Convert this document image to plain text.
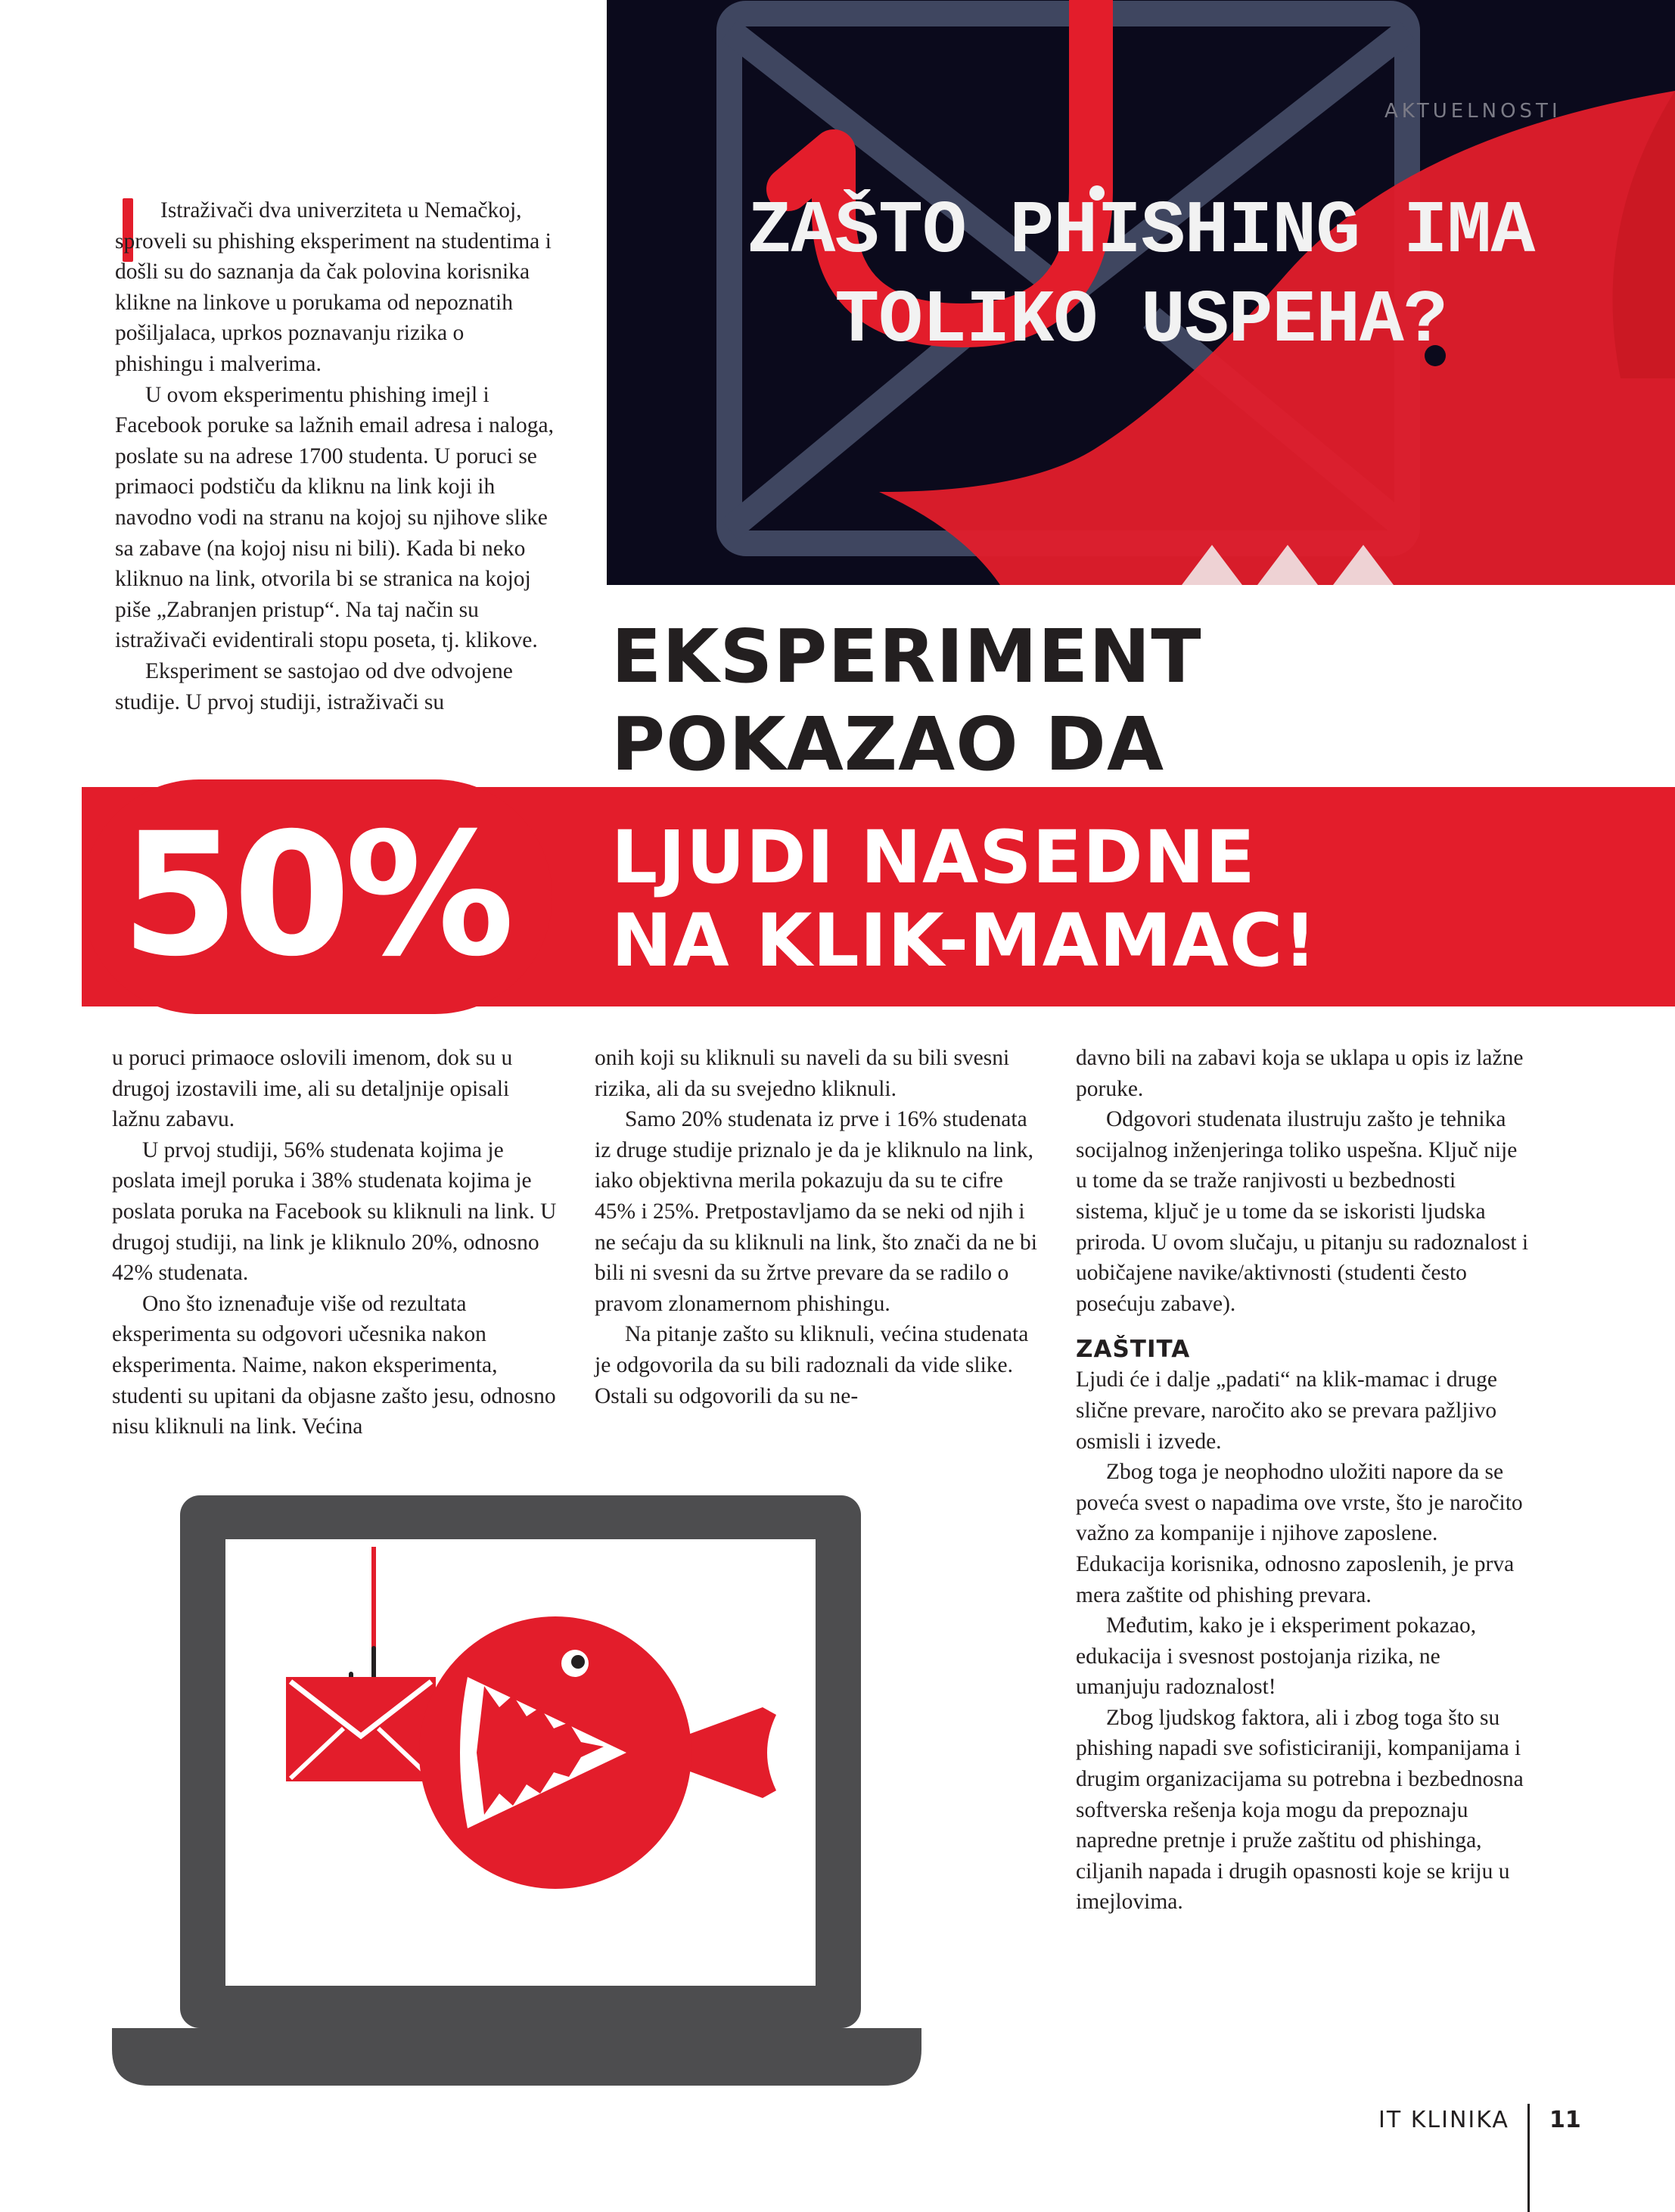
ZAŠTO PHISHING IMA
TOLIKO USPEHA?
AKTUELNOSTI

Istraživači dva univerziteta u Nemačkoj, sproveli su phishing eksperiment na studentima i došli su do saznanja da čak polovina korisnika klikne na linkove u porukama od nepoznatih pošiljalaca, uprkos poznavanju rizika o phishingu i malverima.

U ovom eksperimentu phishing imejl i Facebook poruke sa lažnih email adresa i naloga, poslate su na adrese 1700 studenta. U poruci se primaoci podstiču da kliknu na link koji ih navodno vodi na stranu na kojoj su njihove slike sa zabave (na kojoj nisu ni bili). Kada bi neko kliknuo na link, otvorila bi se stranica na kojoj piše „Zabranjen pristup“. Na taj način su istraživači evidentirali stopu poseta, tj. klikove.

Eksperiment se sastojao od dve odvojene studije. U prvoj studiji, istraživači su

EKSPERIMENT
POKAZAO DA
50%	LJUDI NASEDNE
NA KLIK-MAMAC!

u poruci primaoce oslovili imenom, dok su u drugoj izostavili ime, ali su detaljnije opisali lažnu zabavu.

U prvoj studiji, 56% studenata kojima je poslata imejl poruka i 38% studenata kojima je poslata poruka na Facebook su kliknuli na link. U drugoj studiji, na link je kliknulo 20%, odnosno 42% studenata.

Ono što iznenađuje više od rezultata eksperimenta su odgovori učesnika nakon eksperimenta. Naime, nakon eksperimenta, studenti su upitani da objasne zašto jesu, odnosno nisu kliknuli na link. Većina

onih koji su kliknuli su naveli da su bili svesni rizika, ali da su svejedno kliknuli.

Samo 20% studenata iz prve i 16% studenata iz druge studije priznalo je da je kliknulo na link, iako objektivna merila pokazuju da su te cifre 45% i 25%. Pretpostavljamo da se neki od njih i ne sećaju da su kliknuli na link, što znači da ne bi bili ni svesni da su žrtve prevare da se radilo o pravom zlonamernom phishingu.

Na pitanje zašto su kliknuli, većina studenata je odgovorila da su bili radoznali da vide slike. Ostali su odgovorili da su ne-

davno bili na zabavi koja se uklapa u opis iz lažne poruke.

Odgovori studenata ilustruju zašto je tehnika socijalnog inženjeringa toliko uspešna. Ključ nije u tome da se traže ranjivosti u bezbednosti sistema, ključ je u tome da se iskoristi ljudska priroda. U ovom slučaju, u pitanju su radoznalost i uobičajene navike/aktivnosti (studenti često posećuju zabave).

ZAŠTITA

Ljudi će i dalje „padati“ na klik-mamac i druge slične prevare, naročito ako se prevara pažljivo osmisli i izvede.

Zbog toga je neophodno uložiti napore da se poveća svest o napadima ove vrste, što je naročito važno za kompanije i njihove zaposlene. Edukacija korisnika, odnosno zaposlenih, je prva mera zaštite od phishing prevara.

Međutim, kako je i eksperiment pokazao, edukacija i svesnost postojanja rizika, ne umanjuju radoznalost!

Zbog ljudskog faktora, ali i zbog toga što su phishing napadi sve sofisticiraniji, kompanijama i drugim organizacijama su potrebna i bezbednosna softverska rešenja koja mogu da prepoznaju napredne pretnje i pruže zaštitu od phishinga, ciljanih napada i drugih opasnosti koje se kriju u imejlovima.

IT KLINIKA 11
